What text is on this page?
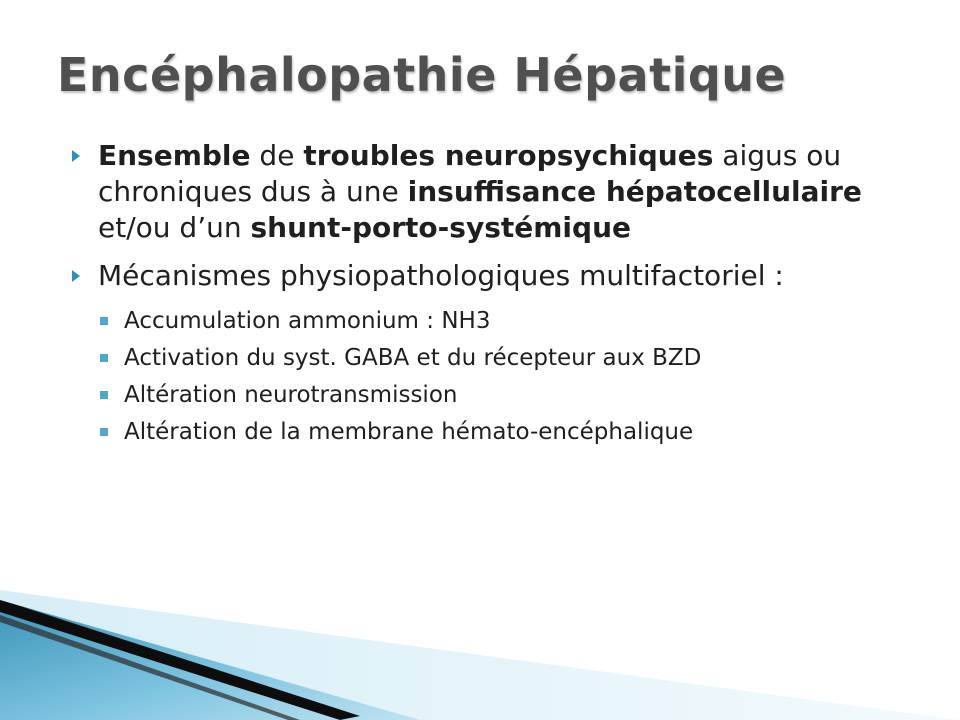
Encéphalopathie Hépatique
Ensemble de troubles neuropsychiques aigus ou chroniques dus à une insuffisance hépatocellulaire et/ou d’un shunt-porto-systémique
Mécanismes physiopathologiques multifactoriel :
Accumulation ammonium : NH3
Activation du syst. GABA et du récepteur aux BZD
Altération neurotransmission
Altération de la membrane hémato-encéphalique
